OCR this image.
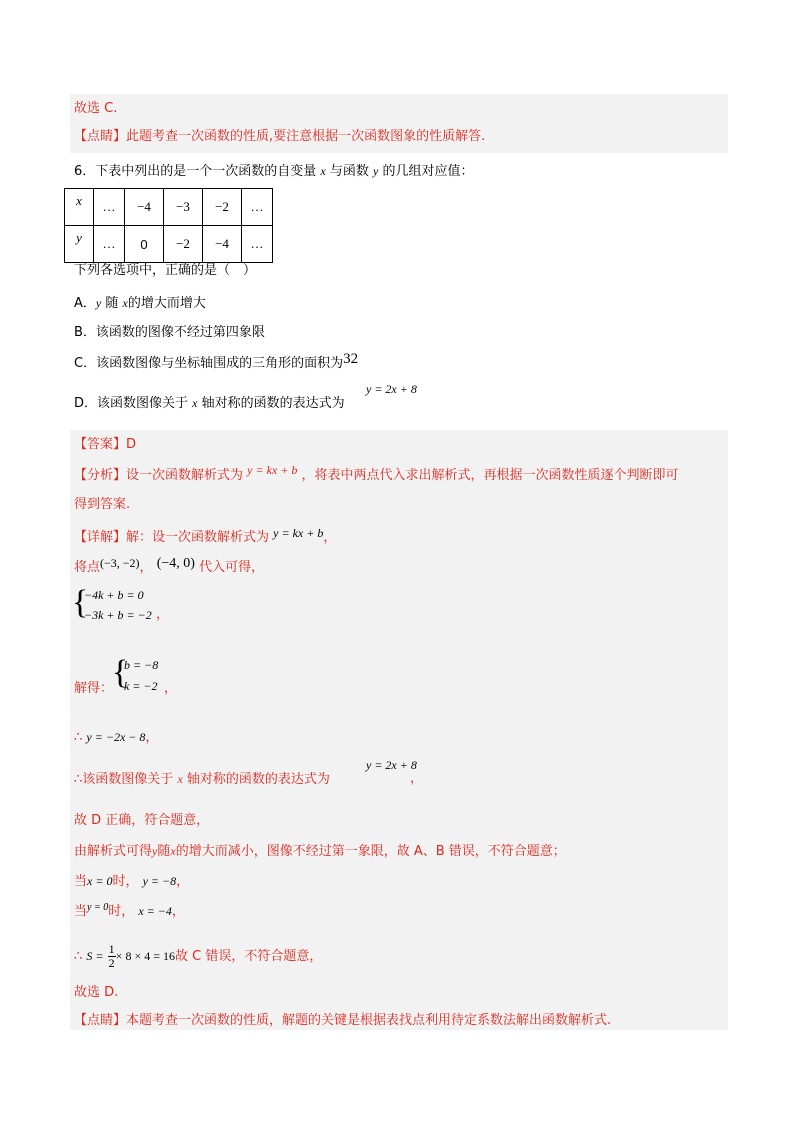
故选 C.
【点睛】此题考查一次函数的性质,要注意根据一次函数图象的性质解答.
6．下表中列出的是一个一次函数的自变量 x 与函数 y 的几组对应值：
x	…	−4	−3	−2	…
y	…	0	−2	−4	…
下列各选项中，正确的是（　）
A．y 随 x的增大而增大
B．该函数的图像不经过第四象限
C．该函数图像与坐标轴围成的三角形的面积为32
D．该函数图像关于 x 轴对称的函数的表达式为
y = 2x + 8
【答案】D
【分析】设一次函数解析式为 y = kx + b ，将表中两点代入求出解析式，再根据一次函数性质逐个判断即可
得到答案.
【详解】解：设一次函数解析式为 y = kx + b，
将点(−3, −2)， (−4, 0) 代入可得，
{
−4k + b = 0
−3k + b = −2 ，
解得：
{
b = −8
k = −2 ，
∴ y = −2x − 8，
∴该函数图像关于 x 轴对称的函数的表达式为
y = 2x + 8
，
故 D 正确，符合题意，
由解析式可得y随x的增大而减小，图像不经过第一象限，故 A、B 错误，不符合题意；
当x = 0时， y = −8，
当$^{y = 0}$时， x = −4，
∴ $S = \frac{1}{2} \times 8 \times 4 = 16$故 C 错误，不符合题意，
故选 D.
【点睛】本题考查一次函数的性质，解题的关键是根据表找点利用待定系数法解出函数解析式.
